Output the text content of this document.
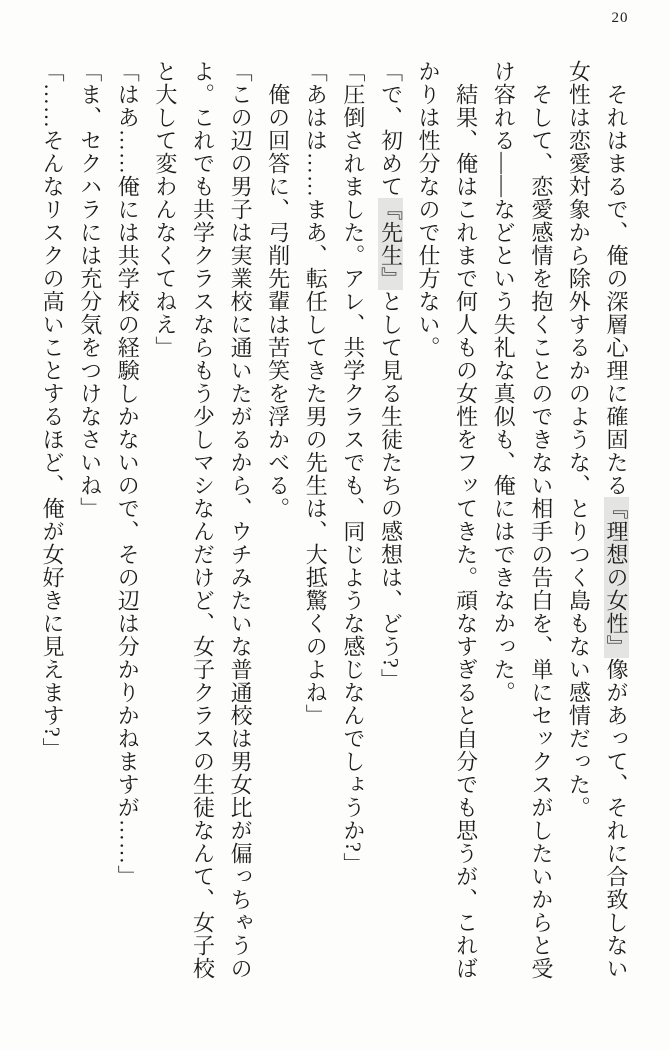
20

それはまるで、俺の深層心理に確固たる『理想の女性』像があって、それに合致しない

女性は恋愛対象から除外するかのような、とりつく島もない感情だった。

そして、恋愛感情を抱くことのできない相手の告白を、単にセックスがしたいからと受

け容れる――などという失礼な真似も、俺にはできなかった。

結果、俺はこれまで何人もの女性をフッてきた。頑なすぎると自分でも思うが、これば

かりは性分なので仕方ない。

「で、初めて『先生』として見る生徒たちの感想は、どう?」

「圧倒されました。アレ、共学クラスでも、同じような感じなんでしょうか?」

「あはは……まあ、転任してきた男の先生は、大抵驚くのよね」

俺の回答に、弓削先輩は苦笑を浮かべる。

「この辺の男子は実業校に通いたがるから、ウチみたいな普通校は男女比が偏っちゃうの

よ。これでも共学クラスならもう少しマシなんだけど、女子クラスの生徒なんて、女子校

と大して変わんなくてねえ」

「はあ……俺には共学校の経験しかないので、その辺は分かりかねますが……」

「ま、セクハラには充分気をつけなさいね」

「……そんなリスクの高いことするほど、俺が女好きに見えます?」
